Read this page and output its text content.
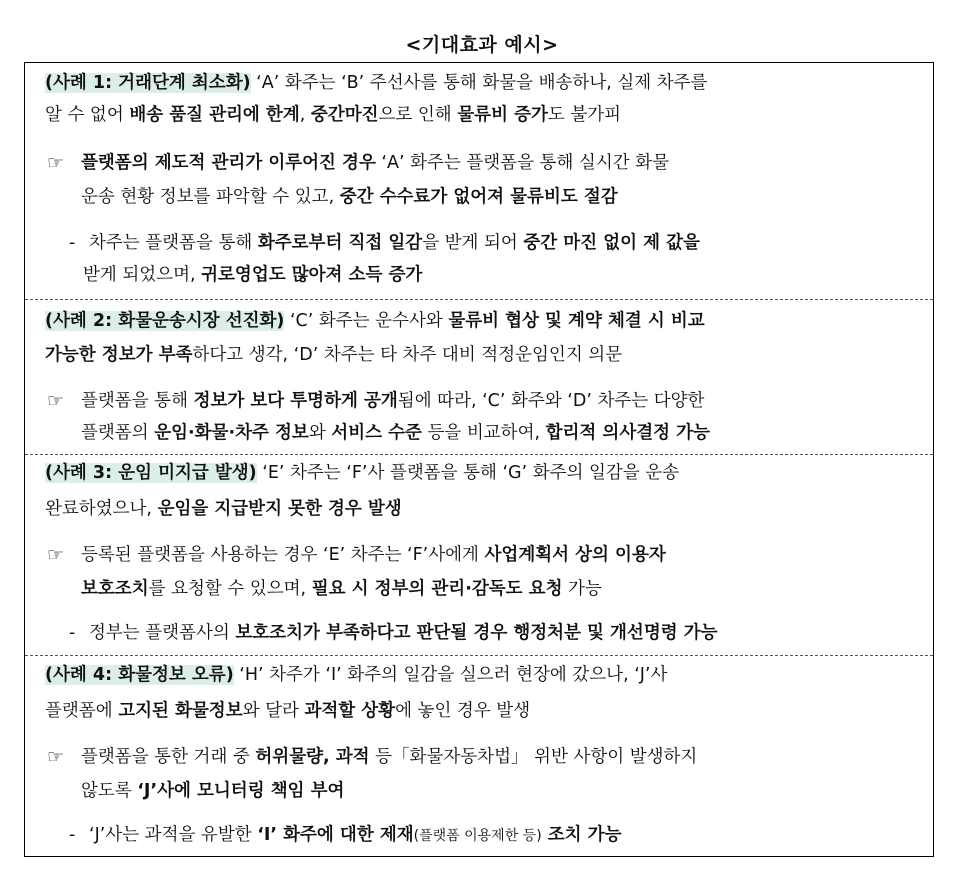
<기대효과 예시>
(사례 1: 거래단계 최소화) ‘A’ 화주는 ‘B’ 주선사를 통해 화물을 배송하나, 실제 차주를
알 수 없어 배송 품질 관리에 한계, 중간마진으로 인해 물류비 증가도 불가피
☞ 플랫폼의 제도적 관리가 이루어진 경우 ‘A’ 화주는 플랫폼을 통해 실시간 화물
운송 현황 정보를 파악할 수 있고, 중간 수수료가 없어져 물류비도 절감
- 차주는 플랫폼을 통해 화주로부터 직접 일감을 받게 되어 중간 마진 없이 제 값을
받게 되었으며, 귀로영업도 많아져 소득 증가
(사례 2: 화물운송시장 선진화) ‘C’ 화주는 운수사와 물류비 협상 및 계약 체결 시 비교
가능한 정보가 부족하다고 생각, ‘D’ 차주는 타 차주 대비 적정운임인지 의문
☞ 플랫폼을 통해 정보가 보다 투명하게 공개됨에 따라, ‘C’ 화주와 ‘D’ 차주는 다양한
플랫폼의 운임·화물·차주 정보와 서비스 수준 등을 비교하여, 합리적 의사결정 가능
(사례 3: 운임 미지급 발생) ‘E’ 차주는 ‘F’사 플랫폼을 통해 ‘G’ 화주의 일감을 운송
완료하였으나, 운임을 지급받지 못한 경우 발생
☞ 등록된 플랫폼을 사용하는 경우 ‘E’ 차주는 ‘F’사에게 사업계획서 상의 이용자
보호조치를 요청할 수 있으며, 필요 시 정부의 관리·감독도 요청 가능
- 정부는 플랫폼사의 보호조치가 부족하다고 판단될 경우 행정처분 및 개선명령 가능
(사례 4: 화물정보 오류) ‘H’ 차주가 ‘I’ 화주의 일감을 실으러 현장에 갔으나, ‘J’사
플랫폼에 고지된 화물정보와 달라 과적할 상황에 놓인 경우 발생
☞ 플랫폼을 통한 거래 중 허위물량, 과적 등「화물자동차법」 위반 사항이 발생하지
않도록 ‘J’사에 모니터링 책임 부여
- ‘J’사는 과적을 유발한 ‘I’ 화주에 대한 제재(플랫폼 이용제한 등) 조치 가능
